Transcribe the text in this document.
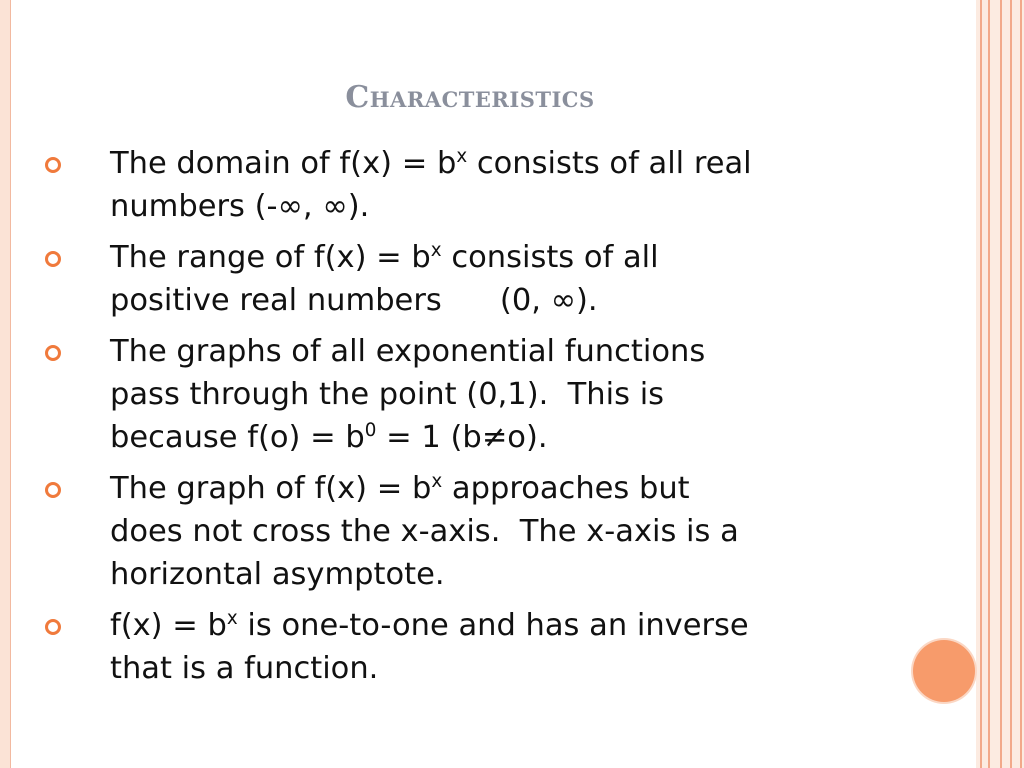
Characteristics
The domain of $f(x) = b^x$ consists of all real
numbers (-∞, ∞).
The range of $f(x) = b^x$ consists of all
positive real numbers      (0, ∞).
The graphs of all exponential functions
pass through the point (0,1).  This is
because $f(o) = b^0 = 1$ (b≠o).
The graph of $f(x) = b^x$ approaches but
does not cross the x-axis.  The x-axis is a
horizontal asymptote.
$f(x) = b^x$ is one-to-one and has an inverse
that is a function.
